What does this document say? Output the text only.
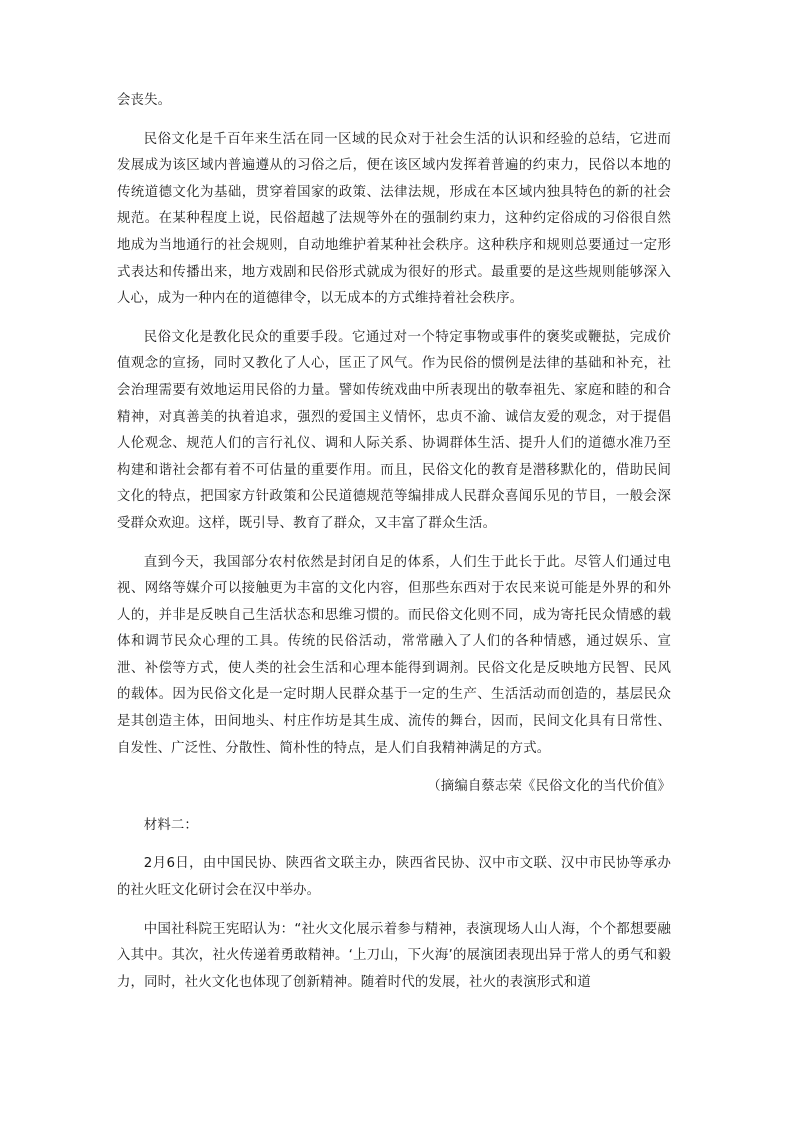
会丧失。

民俗文化是千百年来生活在同一区域的民众对于社会生活的认识和经验的总结，它进而发展成为该区域内普遍遵从的习俗之后，便在该区域内发挥着普遍的约束力，民俗以本地的传统道德文化为基础，贯穿着国家的政策、法律法规，形成在本区域内独具特色的新的社会规范。在某种程度上说，民俗超越了法规等外在的强制约束力，这种约定俗成的习俗很自然地成为当地通行的社会规则，自动地维护着某种社会秩序。这种秩序和规则总要通过一定形式表达和传播出来，地方戏剧和民俗形式就成为很好的形式。最重要的是这些规则能够深入人心，成为一种内在的道德律令，以无成本的方式维持着社会秩序。

民俗文化是教化民众的重要手段。它通过对一个特定事物或事件的褒奖或鞭挞，完成价值观念的宣扬，同时又教化了人心，匡正了风气。作为民俗的惯例是法律的基础和补充，社会治理需要有效地运用民俗的力量。譬如传统戏曲中所表现出的敬奉祖先、家庭和睦的和合精神，对真善美的执着追求，强烈的爱国主义情怀，忠贞不渝、诚信友爱的观念，对于提倡人伦观念、规范人们的言行礼仪、调和人际关系、协调群体生活、提升人们的道德水准乃至构建和谐社会都有着不可估量的重要作用。而且，民俗文化的教育是潜移默化的，借助民间文化的特点，把国家方针政策和公民道德规范等编排成人民群众喜闻乐见的节目，一般会深受群众欢迎。这样，既引导、教育了群众，又丰富了群众生活。

直到今天，我国部分农村依然是封闭自足的体系，人们生于此长于此。尽管人们通过电视、网络等媒介可以接触更为丰富的文化内容，但那些东西对于农民来说可能是外界的和外人的，并非是反映自己生活状态和思维习惯的。而民俗文化则不同，成为寄托民众情感的载体和调节民众心理的工具。传统的民俗活动，常常融入了人们的各种情感，通过娱乐、宣泄、补偿等方式，使人类的社会生活和心理本能得到调剂。民俗文化是反映地方民智、民风的载体。因为民俗文化是一定时期人民群众基于一定的生产、生活活动而创造的，基层民众是其创造主体，田间地头、村庄作坊是其生成、流传的舞台，因而，民间文化具有日常性、自发性、广泛性、分散性、简朴性的特点，是人们自我精神满足的方式。

（摘编自蔡志荣《民俗文化的当代价值》

材料二：

2月6日，由中国民协、陕西省文联主办，陕西省民协、汉中市文联、汉中市民协等承办的社火旺文化研讨会在汉中举办。

中国社科院王宪昭认为：“社火文化展示着参与精神，表演现场人山人海，个个都想要融入其中。其次，社火传递着勇敢精神。‘上刀山，下火海’的展演团表现出异于常人的勇气和毅力，同时，社火文化也体现了创新精神。随着时代的发展，社火的表演形式和道
